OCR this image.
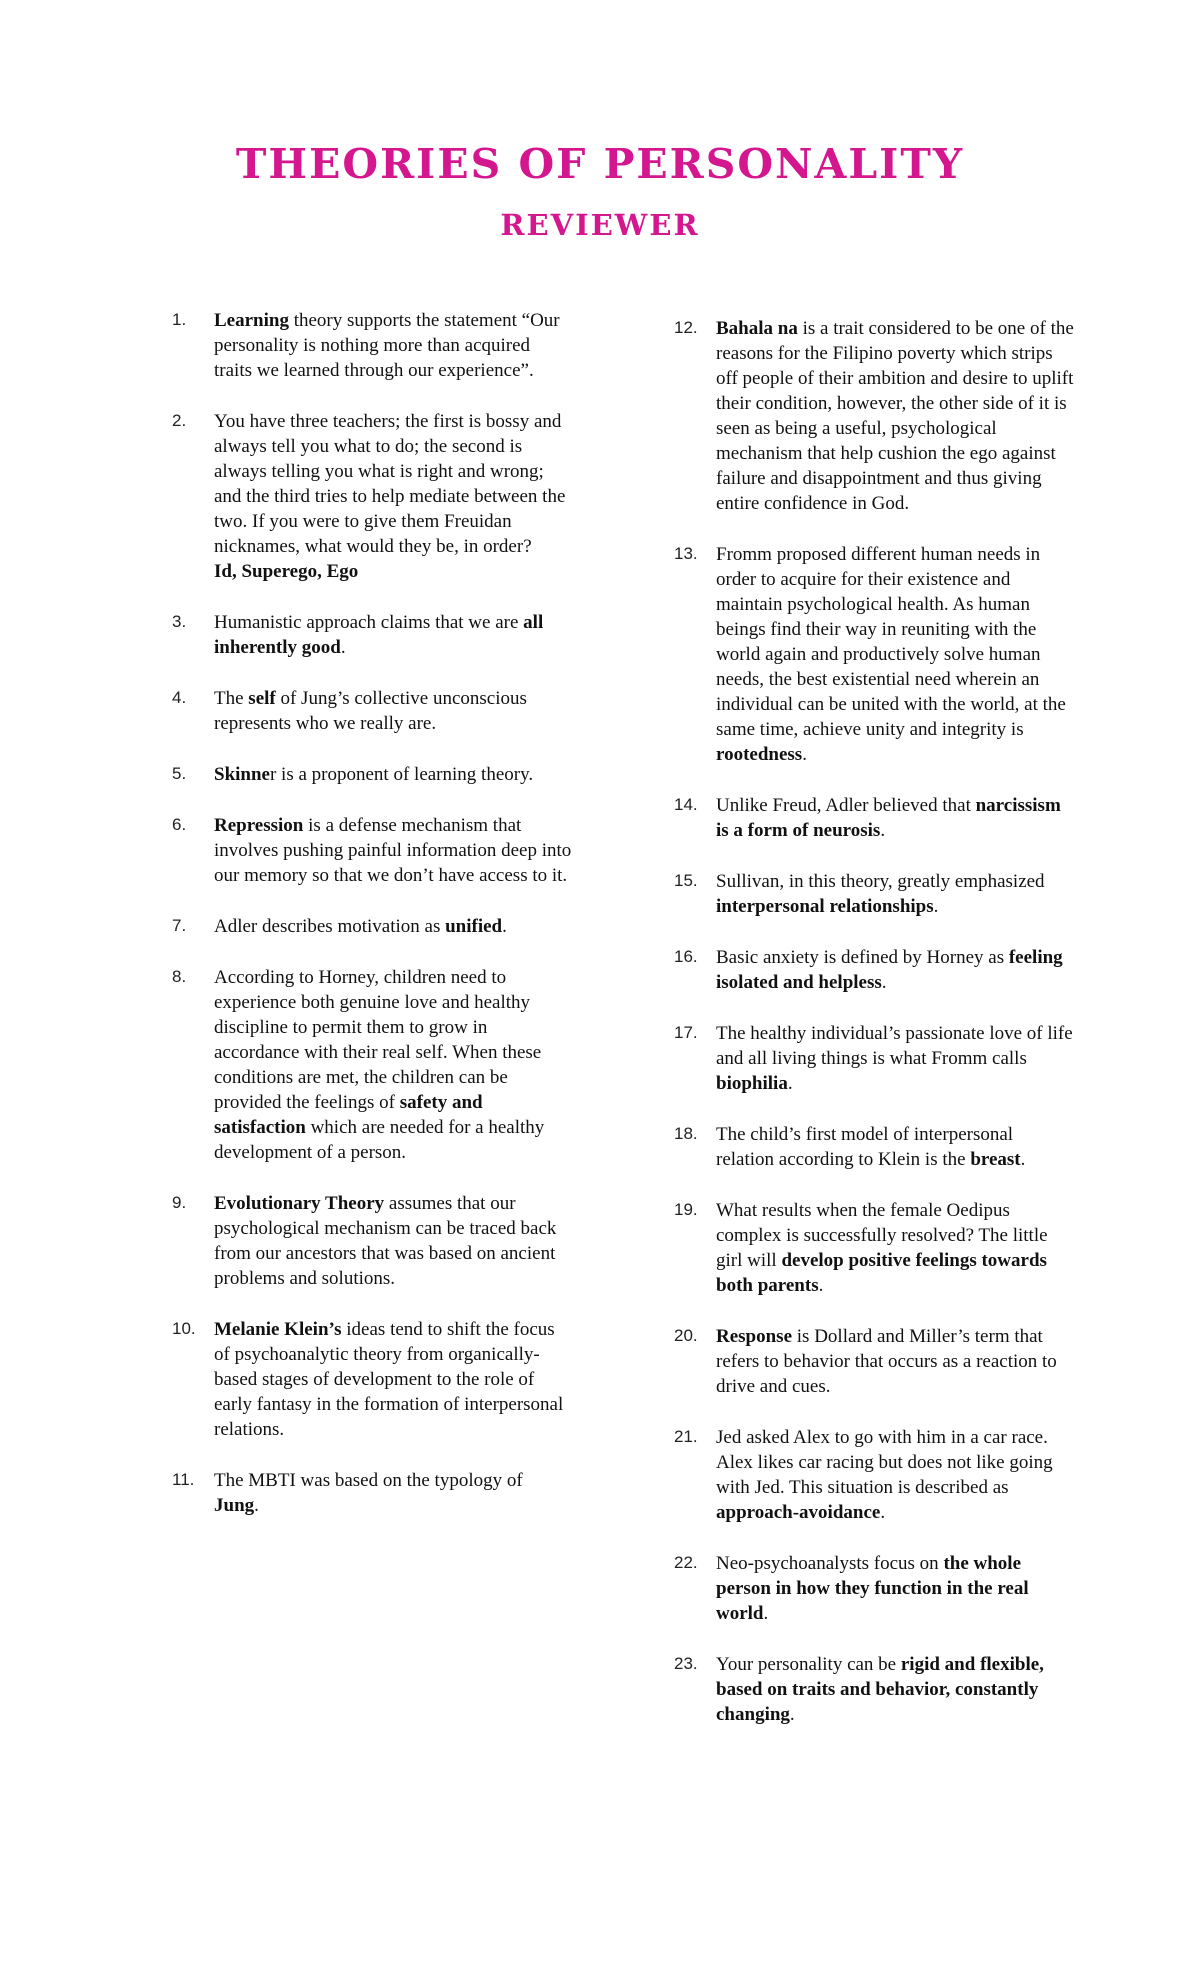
THEORIES OF PERSONALITY
REVIEWER
1. Learning theory supports the statement “Our personality is nothing more than acquired traits we learned through our experience”.
2. You have three teachers; the first is bossy and always tell you what to do; the second is always telling you what is right and wrong; and the third tries to help mediate between the two. If you were to give them Freuidan nicknames, what would they be, in order?
Id, Superego, Ego
3. Humanistic approach claims that we are all inherently good.
4. The self of Jung’s collective unconscious represents who we really are.
5. Skinner is a proponent of learning theory.
6. Repression is a defense mechanism that involves pushing painful information deep into our memory so that we don’t have access to it.
7. Adler describes motivation as unified.
8. According to Horney, children need to experience both genuine love and healthy discipline to permit them to grow in accordance with their real self. When these conditions are met, the children can be provided the feelings of safety and satisfaction which are needed for a healthy development of a person.
9. Evolutionary Theory assumes that our psychological mechanism can be traced back from our ancestors that was based on ancient problems and solutions.
10. Melanie Klein’s ideas tend to shift the focus of psychoanalytic theory from organically-based stages of development to the role of early fantasy in the formation of interpersonal relations.
11. The MBTI was based on the typology of Jung.
12. Bahala na is a trait considered to be one of the reasons for the Filipino poverty which strips off people of their ambition and desire to uplift their condition, however, the other side of it is seen as being a useful, psychological mechanism that help cushion the ego against failure and disappointment and thus giving entire confidence in God.
13. Fromm proposed different human needs in order to acquire for their existence and maintain psychological health. As human beings find their way in reuniting with the world again and productively solve human needs, the best existential need wherein an individual can be united with the world, at the same time, achieve unity and integrity is rootedness.
14. Unlike Freud, Adler believed that narcissism is a form of neurosis.
15. Sullivan, in this theory, greatly emphasized interpersonal relationships.
16. Basic anxiety is defined by Horney as feeling isolated and helpless.
17. The healthy individual’s passionate love of life and all living things is what Fromm calls biophilia.
18. The child’s first model of interpersonal relation according to Klein is the breast.
19. What results when the female Oedipus complex is successfully resolved? The little girl will develop positive feelings towards both parents.
20. Response is Dollard and Miller’s term that refers to behavior that occurs as a reaction to drive and cues.
21. Jed asked Alex to go with him in a car race. Alex likes car racing but does not like going with Jed. This situation is described as approach-avoidance.
22. Neo-psychoanalysts focus on the whole person in how they function in the real world.
23. Your personality can be rigid and flexible, based on traits and behavior, constantly changing.
